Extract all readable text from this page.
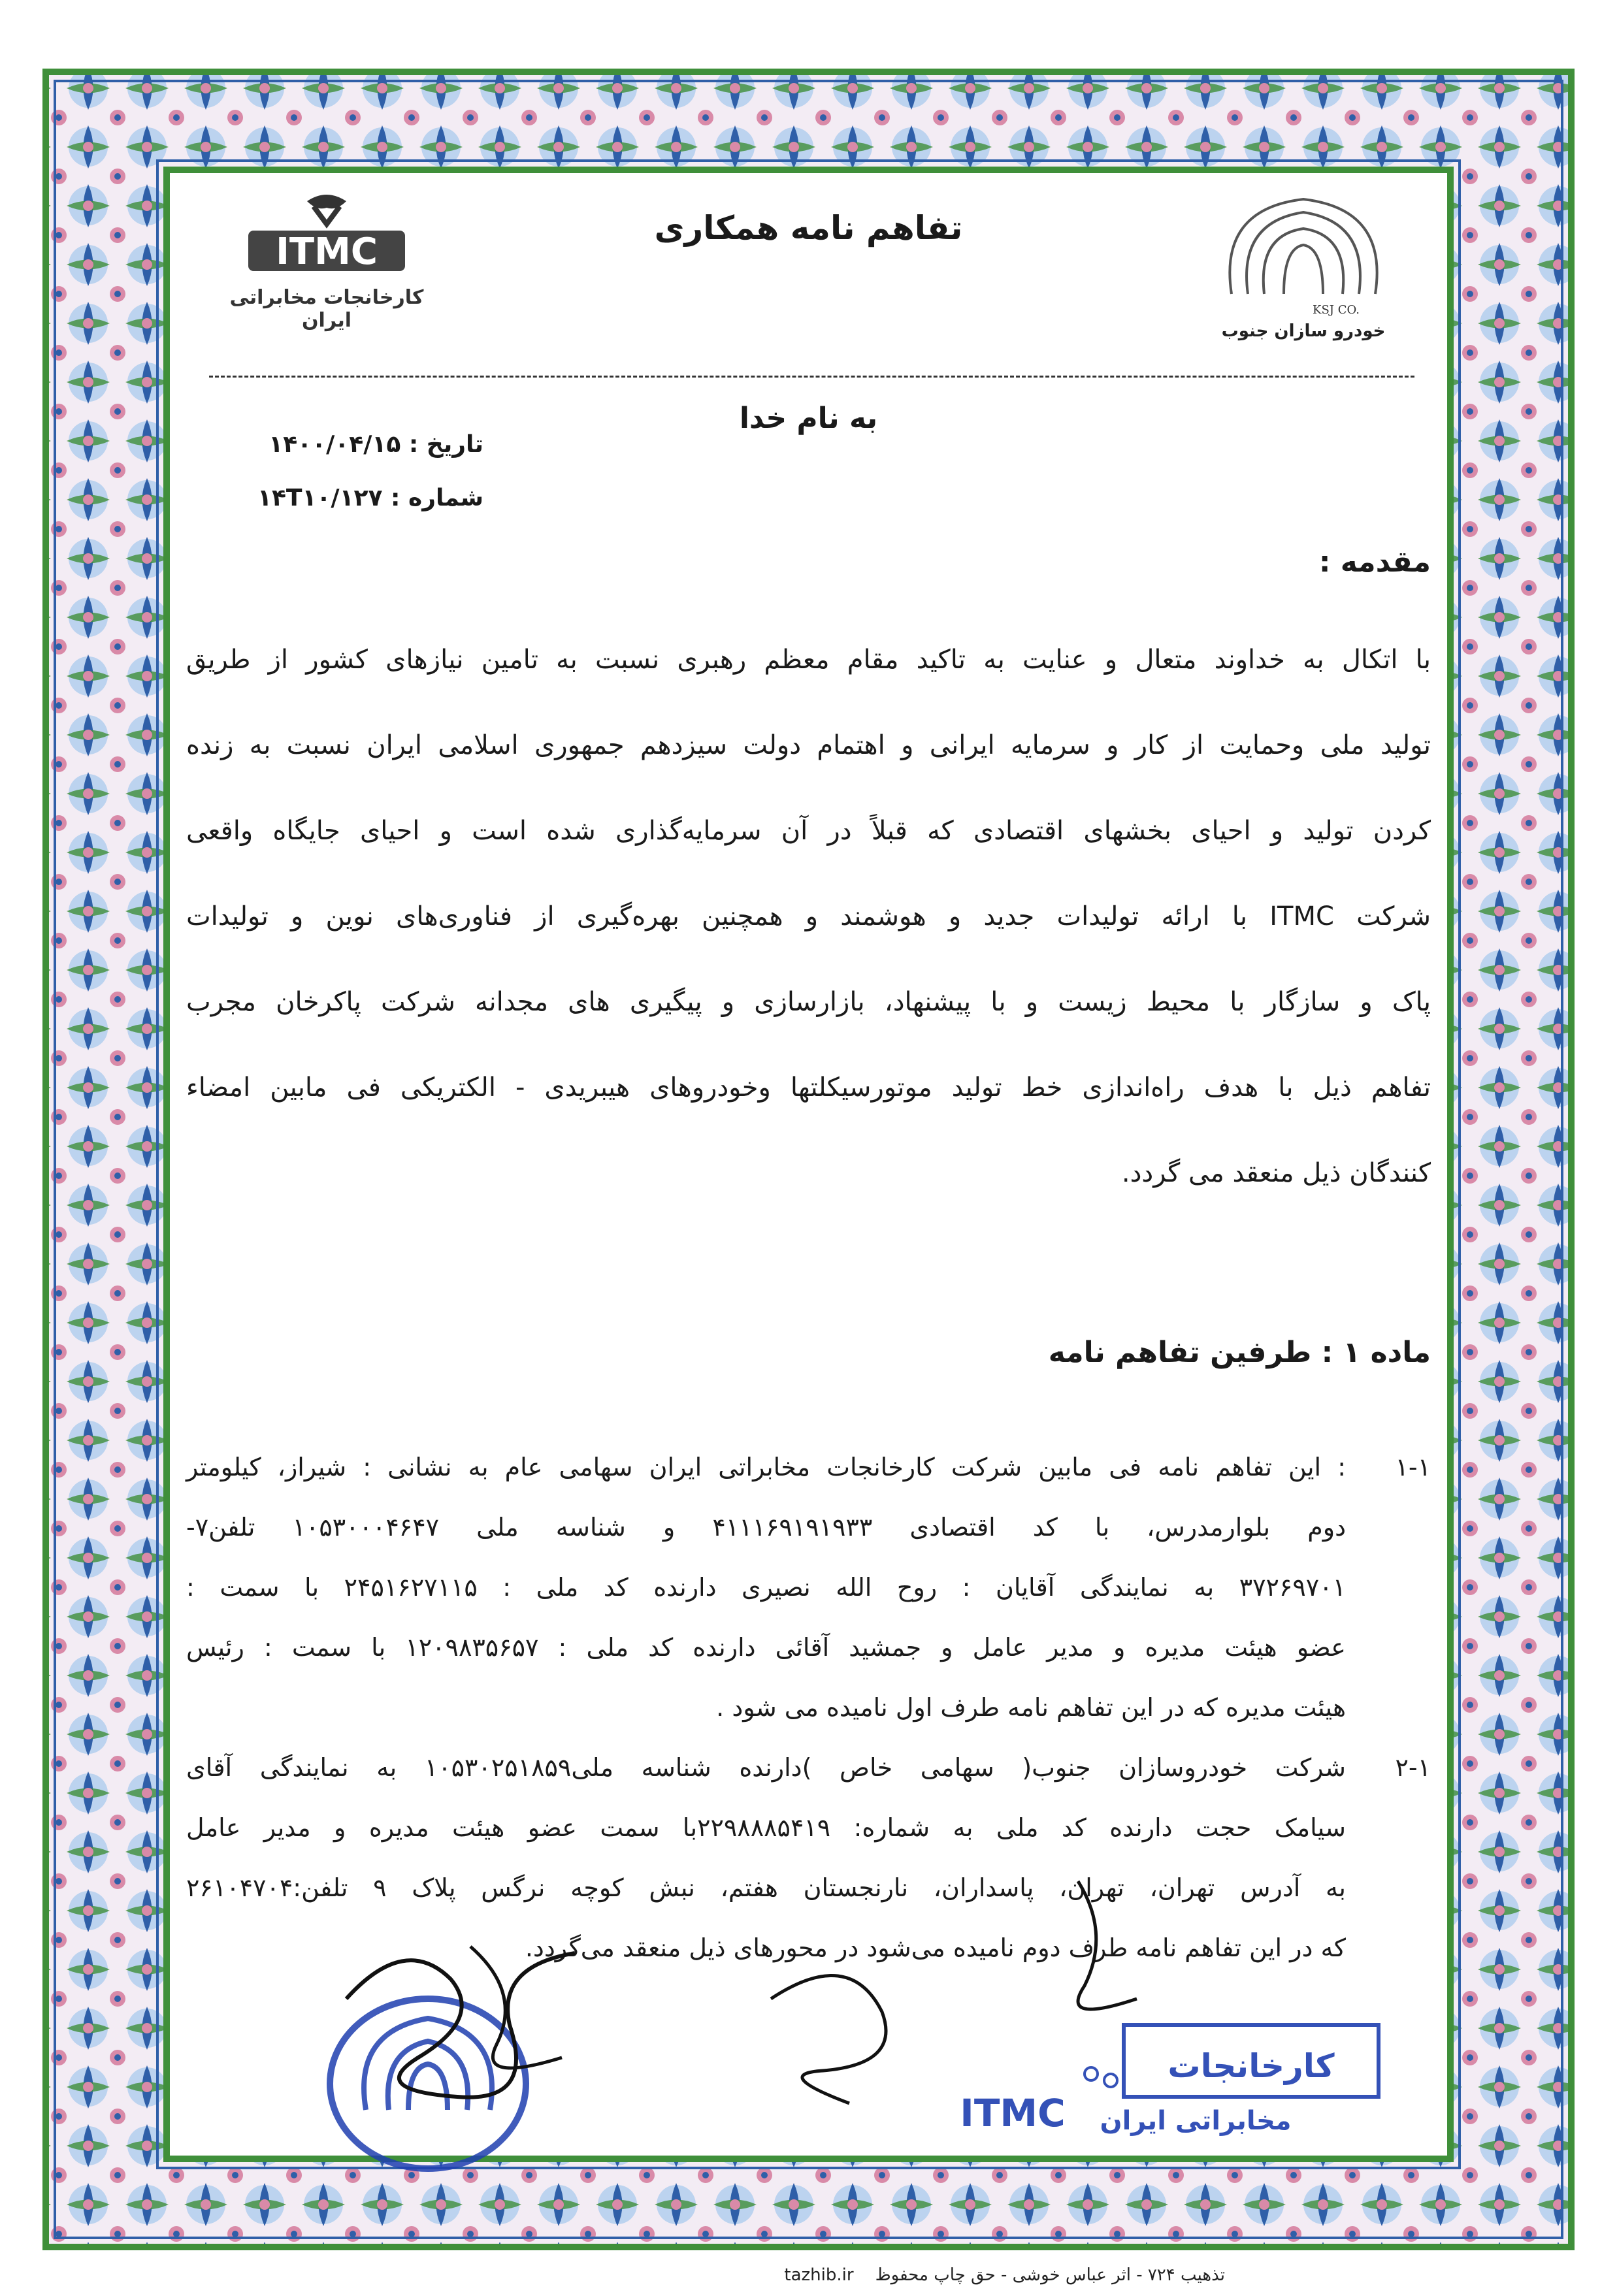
ITMC
کارخانجات مخابراتی ایران
تفاهم نامه همکاری
KSJ CO.
خودرو سازان جنوب
به نام خدا
تاریخ : ۱۴۰۰/۰۴/۱۵
شماره : ۱۴T۱۰/۱۲۷
مقدمه :

با اتکال به خداوند متعال و عنایت به تاکید مقام معظم رهبری نسبت به تامین نیازهای کشور از طریق

تولید ملی وحمایت از کار و سرمایه ایرانی و اهتمام دولت سیزدهم جمهوری اسلامی ایران نسبت به زنده

کردن تولید و احیای بخشهای اقتصادی که قبلاً در آن سرمایه‌گذاری شده است و احیای جایگاه واقعی

شرکت ITMC با ارائه تولیدات جدید و هوشمند و همچنین بهره‌گیری از فناوری‌های نوین و تولیدات

پاک و سازگار با محیط زیست و با پیشنهاد، بازارسازی و پیگیری های مجدانه شرکت پاکرخان مجرب

تفاهم ذیل با هدف راه‌اندازی خط تولید موتورسیکلتها وخودروهای هیبریدی - الکتریکی فی مابین امضاء

کنندگان ذیل منعقد می گردد.

ماده ۱ : طرفین تفاهم نامه
۱-۱

: این تفاهم نامه فی مابین شرکت کارخانجات مخابراتی ایران سهامی عام به نشانی : شیراز، کیلومتر

دوم بلوارمدرس، با کد اقتصادی ۴۱۱۱۶۹۱۹۱۹۳۳ و شناسه ملی ۱۰۵۳۰۰۰۴۶۴۷ تلفن۷-

۳۷۲۶۹۷۰۱ به نمایندگی آقایان : روح الله نصیری دارنده کد ملی : ۲۴۵۱۶۲۷۱۱۵ با سمت :

عضو هیئت مدیره و مدیر عامل و جمشید آقائی دارنده کد ملی : ۱۲۰۹۸۳۵۶۵۷ با سمت : رئیس

هیئت مدیره که در این تفاهم نامه طرف اول نامیده می شود .

۲-۱

شرکت خودروسازان جنوب( سهامی خاص )دارنده شناسه ملی۱۰۵۳۰۲۵۱۸۵۹ به نمایندگی آقای

سیامک حجت دارنده کد ملی به شماره: ۲۲۹۸۸۸۵۴۱۹با سمت عضو هیئت مدیره و مدیر عامل

به آدرس تهران، تهران، پاسداران، نارنجستان هفتم، نبش کوچه نرگس پلاک ۹ تلفن:۲۶۱۰۴۷۰۴

که در این تفاهم نامه طرف دوم نامیده می‌شود در محورهای ذیل منعقد می‌گردد.

کارخانجات
ITMC مخابراتی ایران
تذهیب ۷۲۴ - اثر عباس خوشی - حق چاپ محفوظ    tazhib.ir
